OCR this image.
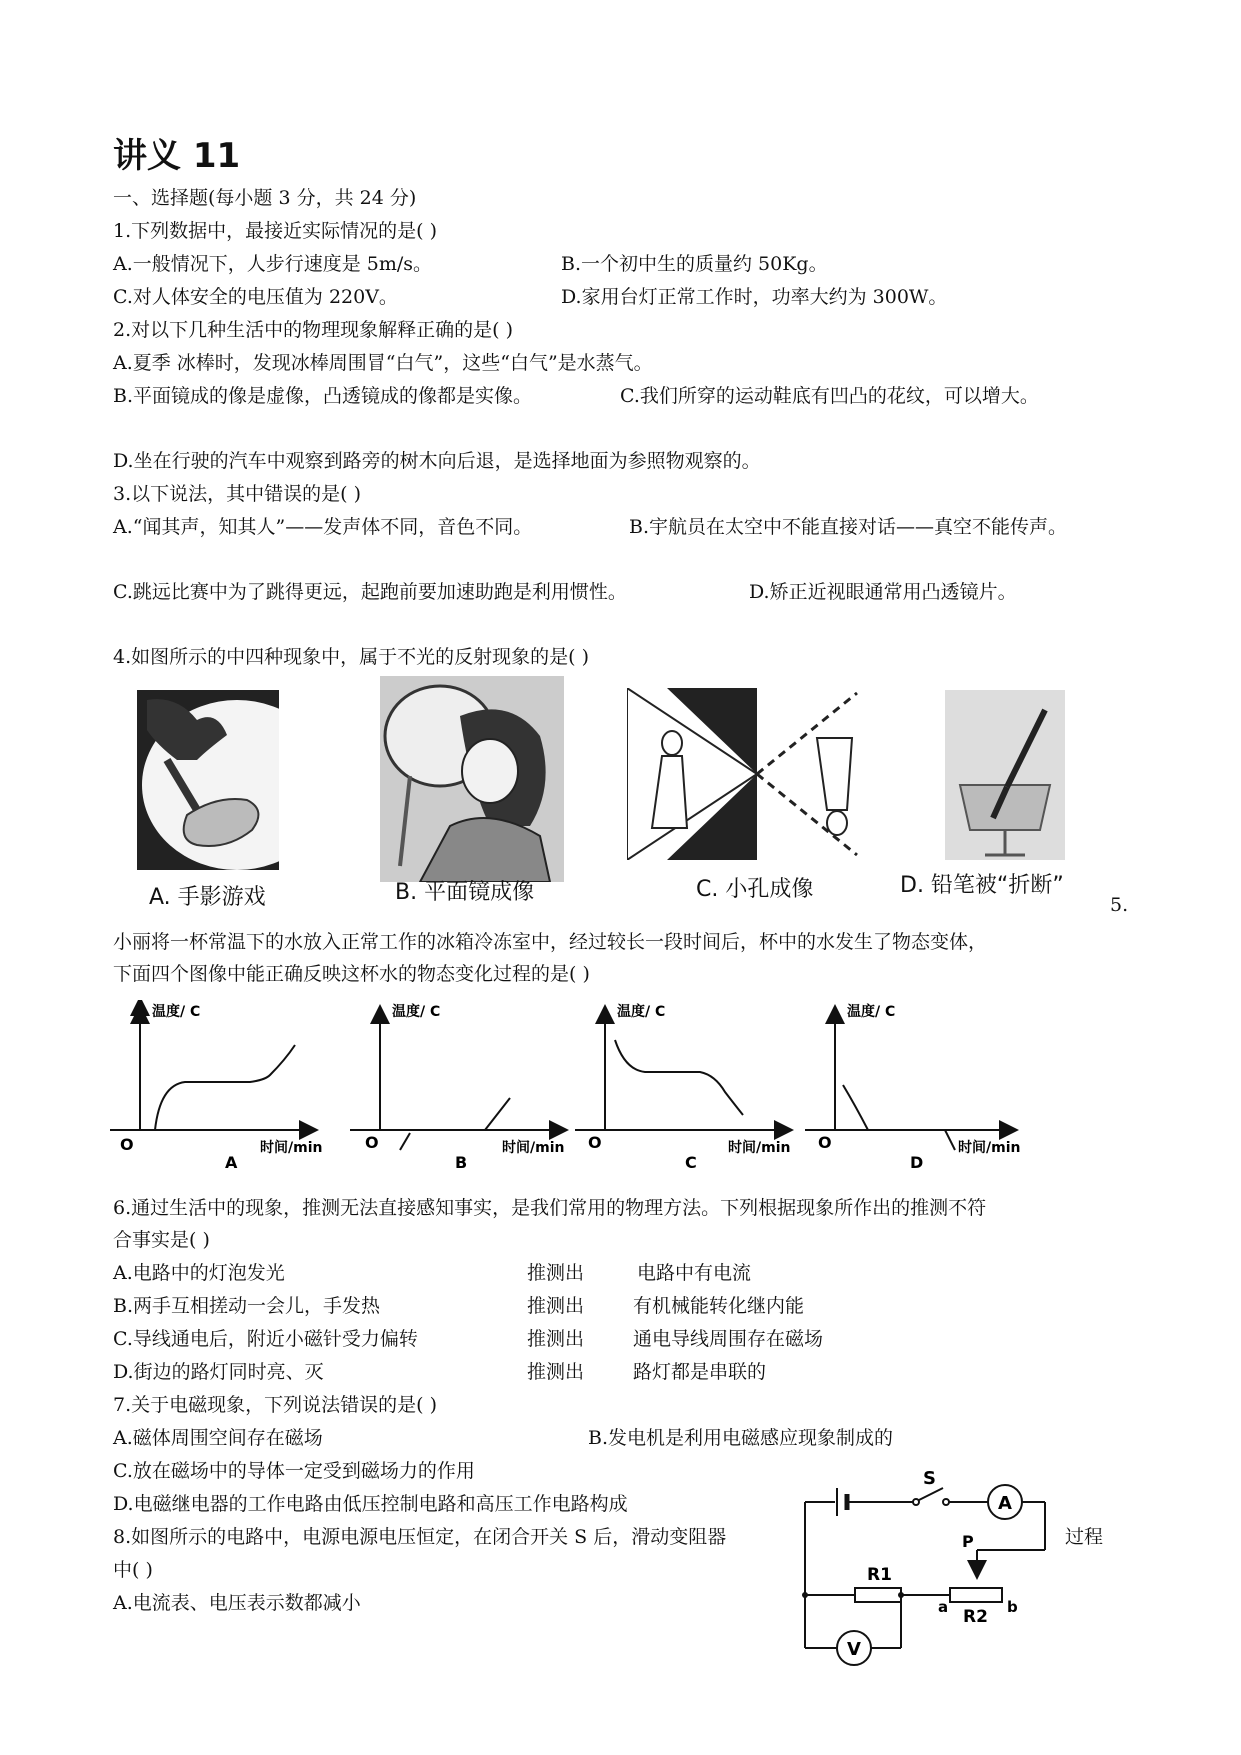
讲义 11
一、选择题(每小题 3 分，共 24 分)
1.下列数据中，最接近实际情况的是( )
A.一般情况下，人步行速度是 5m/s。	B.一个初中生的质量约 50Kg。
C.对人体安全的电压值为 220V。	D.家用台灯正常工作时，功率大约为 300W。
2.对以下几种生活中的物理现象解释正确的是( )
A.夏季 冰棒时，发现冰棒周围冒“白气”，这些“白气”是水蒸气。
B.平面镜成的像是虚像，凸透镜成的像都是实像。	C.我们所穿的运动鞋底有凹凸的花纹，可以增大。
D.坐在行驶的汽车中观察到路旁的树木向后退，是选择地面为参照物观察的。
3.以下说法，其中错误的是( )
A.“闻其声，知其人”——发声体不同，音色不同。	B.宇航员在太空中不能直接对话——真空不能传声。
C.跳远比赛中为了跳得更远，起跑前要加速助跑是利用惯性。	D.矫正近视眼通常用凸透镜片。
4.如图所示的中四种现象中，属于不光的反射现象的是( )
A. 手影游戏	B. 平面镜成像	C. 小孔成像	D. 铅笔被“折断”
5.
小丽将一杯常温下的水放入正常工作的冰箱冷冻室中，经过较长一段时间后，杯中的水发生了物态变体，
下面四个图像中能正确反映这杯水的物态变化过程的是( )
温度/ C
O	时间/min
A
温度/ C
O	时间/min
B
温度/ C
O	时间/min
C
温度/ C
O	时间/min
D
6.通过生活中的现象，推测无法直接感知事实，是我们常用的物理方法。下列根据现象所作出的推测不符
合事实是( )
A.电路中的灯泡发光	推测出	电路中有电流
B.两手互相搓动一会儿，手发热	推测出	有机械能转化继内能
C.导线通电后，附近小磁针受力偏转	推测出	通电导线周围存在磁场
D.街边的路灯同时亮、灭	推测出	路灯都是串联的
7.关于电磁现象，下列说法错误的是( )
A.磁体周围空间存在磁场	B.发电机是利用电磁感应现象制成的
C.放在磁场中的导体一定受到磁场力的作用
D.电磁继电器的工作电路由低压控制电路和高压工作电路构成
8.如图所示的电路中，电源电源电压恒定，在闭合开关 S 后，滑动变阻器	过程
中( )
A.电流表、电压表示数都减小
S
A
P
R1
a	b
R2
V
